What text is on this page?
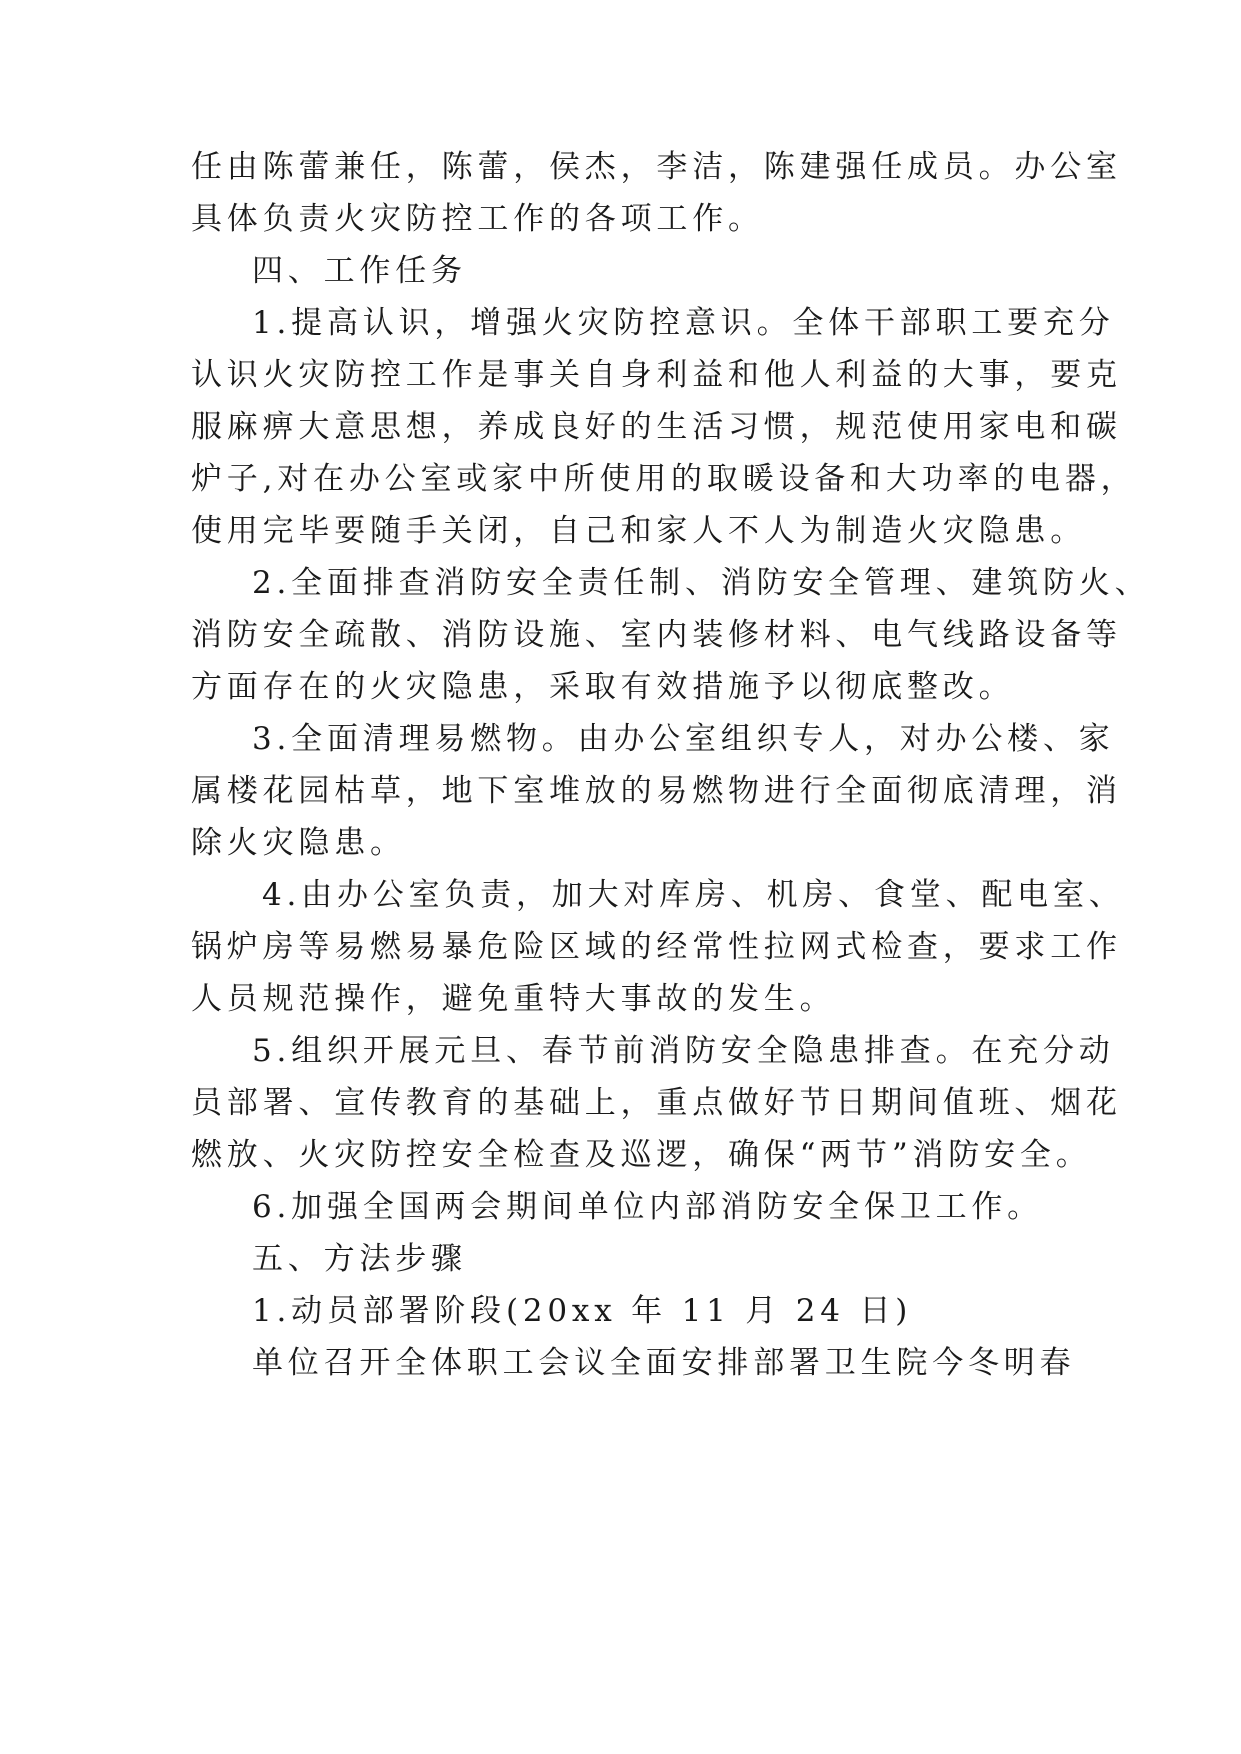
任由陈蕾兼任，陈蕾，侯杰，李洁，陈建强任成员。办公室
具体负责火灾防控工作的各项工作。
四、工作任务
1.提高认识，增强火灾防控意识。全体干部职工要充分
认识火灾防控工作是事关自身利益和他人利益的大事，要克
服麻痹大意思想，养成良好的生活习惯，规范使用家电和碳
炉子,对在办公室或家中所使用的取暖设备和大功率的电器，
使用完毕要随手关闭，自己和家人不人为制造火灾隐患。
2.全面排查消防安全责任制、消防安全管理、建筑防火、
消防安全疏散、消防设施、室内装修材料、电气线路设备等
方面存在的火灾隐患，采取有效措施予以彻底整改。
3.全面清理易燃物。由办公室组织专人，对办公楼、家
属楼花园枯草，地下室堆放的易燃物进行全面彻底清理，消
除火灾隐患。
4.由办公室负责，加大对库房、机房、食堂、配电室、
锅炉房等易燃易暴危险区域的经常性拉网式检查，要求工作
人员规范操作，避免重特大事故的发生。
5.组织开展元旦、春节前消防安全隐患排查。在充分动
员部署、宣传教育的基础上，重点做好节日期间值班、烟花
燃放、火灾防控安全检查及巡逻，确保“两节”消防安全。
6.加强全国两会期间单位内部消防安全保卫工作。
五、方法步骤
1.动员部署阶段(20xx 年 11 月 24 日)
单位召开全体职工会议全面安排部署卫生院今冬明春
